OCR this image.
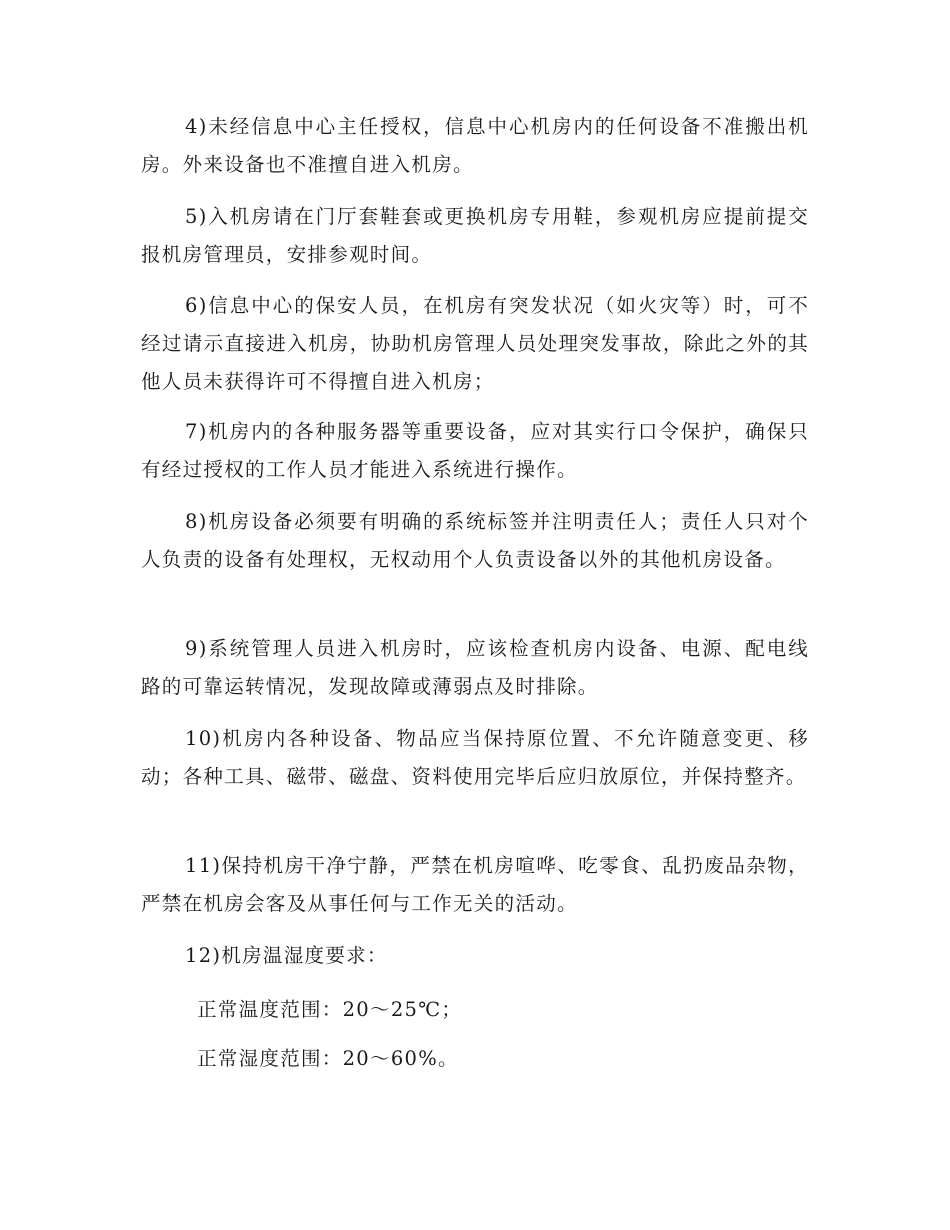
4)未经信息中心主任授权，信息中心机房内的任何设备不准搬出机房。外来设备也不准擅自进入机房。

5)入机房请在门厅套鞋套或更换机房专用鞋，参观机房应提前提交报机房管理员，安排参观时间。

6)信息中心的保安人员，在机房有突发状况（如火灾等）时，可不经过请示直接进入机房，协助机房管理人员处理突发事故，除此之外的其他人员未获得许可不得擅自进入机房；

7)机房内的各种服务器等重要设备，应对其实行口令保护，确保只有经过授权的工作人员才能进入系统进行操作。

8)机房设备必须要有明确的系统标签并注明责任人；责任人只对个人负责的设备有处理权，无权动用个人负责设备以外的其他机房设备。

9)系统管理人员进入机房时，应该检查机房内设备、电源、配电线路的可靠运转情况，发现故障或薄弱点及时排除。

10)机房内各种设备、物品应当保持原位置、不允许随意变更、移动；各种工具、磁带、磁盘、资料使用完毕后应归放原位，并保持整齐。

11)保持机房干净宁静，严禁在机房喧哗、吃零食、乱扔废品杂物，严禁在机房会客及从事任何与工作无关的活动。

12)机房温湿度要求：

正常温度范围：20～25℃；

正常湿度范围：20～60%。
